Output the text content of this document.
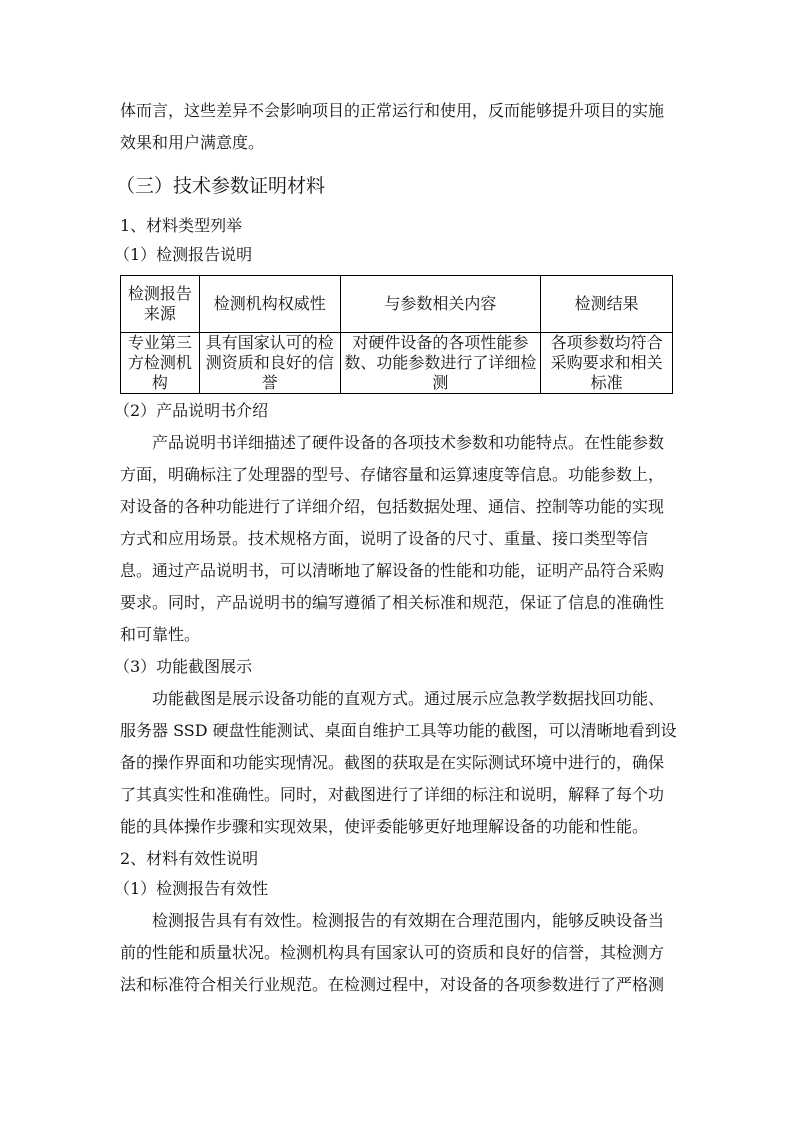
体而言，这些差异不会影响项目的正常运行和使用，反而能够提升项目的实施
效果和用户满意度。
（三）技术参数证明材料
1、材料类型列举
（1）检测报告说明
检测报告来源	检测机构权威性	与参数相关内容	检测结果
专业第三方检测机构	具有国家认可的检测资质和良好的信誉	对硬件设备的各项性能参数、功能参数进行了详细检测	各项参数均符合采购要求和相关标准
（2）产品说明书介绍
产品说明书详细描述了硬件设备的各项技术参数和功能特点。在性能参数
方面，明确标注了处理器的型号、存储容量和运算速度等信息。功能参数上，
对设备的各种功能进行了详细介绍，包括数据处理、通信、控制等功能的实现
方式和应用场景。技术规格方面，说明了设备的尺寸、重量、接口类型等信
息。通过产品说明书，可以清晰地了解设备的性能和功能，证明产品符合采购
要求。同时，产品说明书的编写遵循了相关标准和规范，保证了信息的准确性
和可靠性。
（3）功能截图展示
功能截图是展示设备功能的直观方式。通过展示应急教学数据找回功能、
服务器 SSD 硬盘性能测试、桌面自维护工具等功能的截图，可以清晰地看到设
备的操作界面和功能实现情况。截图的获取是在实际测试环境中进行的，确保
了其真实性和准确性。同时，对截图进行了详细的标注和说明，解释了每个功
能的具体操作步骤和实现效果，使评委能够更好地理解设备的功能和性能。
2、材料有效性说明
（1）检测报告有效性
检测报告具有有效性。检测报告的有效期在合理范围内，能够反映设备当
前的性能和质量状况。检测机构具有国家认可的资质和良好的信誉，其检测方
法和标准符合相关行业规范。在检测过程中，对设备的各项参数进行了严格测
